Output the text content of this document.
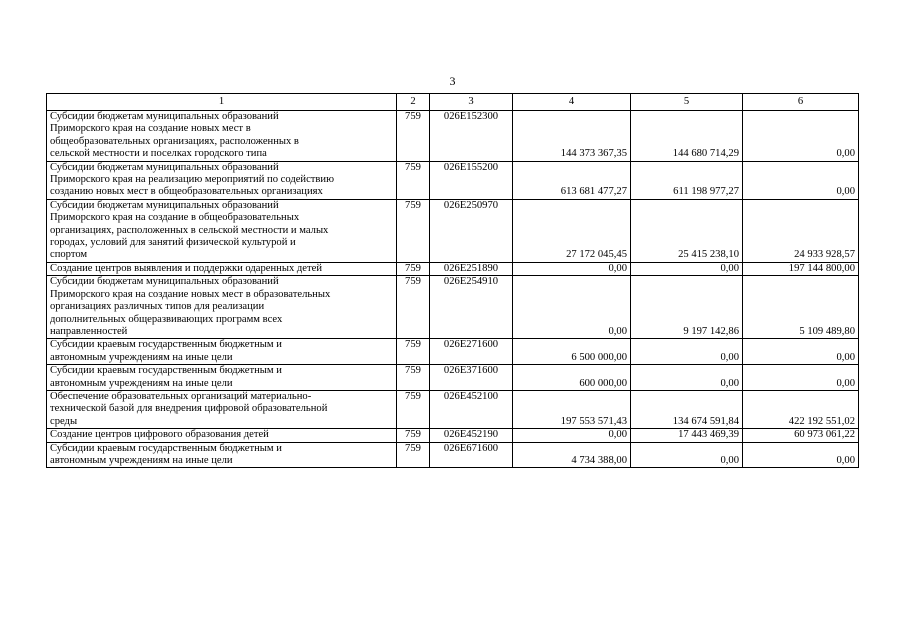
3
1	2	3	4	5	6

Субсидии бюджетам муниципальных образований
Приморского края на создание новых мест в
общеобразовательных организациях, расположенных в
сельской местности и поселках городского типа	759	026E152300	144 373 367,35	144 680 714,29	0,00

Субсидии бюджетам муниципальных образований
Приморского края на реализацию мероприятий по содействию
созданию новых мест в общеобразовательных организациях	759	026E155200	613 681 477,27	611 198 977,27	0,00

Субсидии бюджетам муниципальных образований
Приморского края на создание в общеобразовательных
организациях, расположенных в сельской местности и малых
городах, условий для занятий физической культурой и
спортом	759	026E250970	27 172 045,45	25 415 238,10	24 933 928,57

Создание центров выявления и поддержки одаренных детей	759	026E251890	0,00	0,00	197 144 800,00

Субсидии бюджетам муниципальных образований
Приморского края на создание новых мест в образовательных
организациях различных типов для реализации
дополнительных общеразвивающих программ всех
направленностей	759	026E254910	0,00	9 197 142,86	5 109 489,80

Субсидии краевым государственным бюджетным и
автономным учреждениям на иные цели	759	026E271600	6 500 000,00	0,00	0,00

Субсидии краевым государственным бюджетным и
автономным учреждениям на иные цели	759	026E371600	600 000,00	0,00	0,00

Обеспечение образовательных организаций материально-
технической базой для внедрения цифровой образовательной
среды	759	026E452100	197 553 571,43	134 674 591,84	422 192 551,02

Создание центров цифрового образования детей	759	026E452190	0,00	17 443 469,39	60 973 061,22

Субсидии краевым государственным бюджетным и
автономным учреждениям на иные цели	759	026E671600	4 734 388,00	0,00	0,00
